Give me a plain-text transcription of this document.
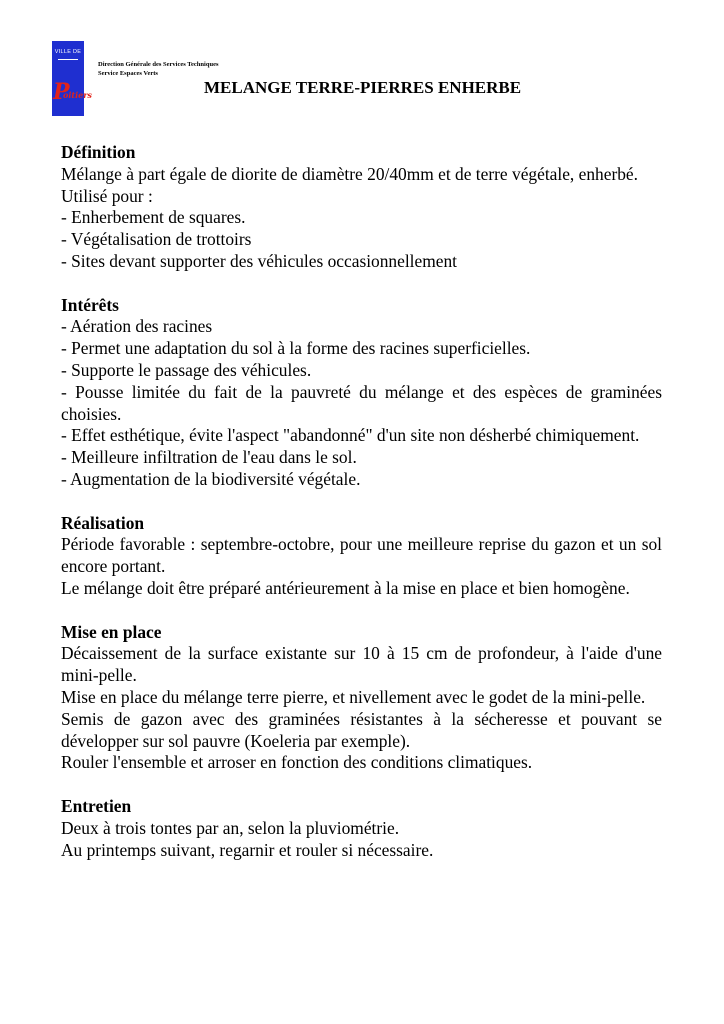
VILLE DE
P
oitiers
Direction Générale des Services Techniques
Service Espaces Verts
MELANGE TERRE-PIERRES ENHERBE
Définition

Mélange à part égale de diorite de diamètre 20/40mm et de terre végétale, enherbé.

Utilisé pour :

- Enherbement de squares.

- Végétalisation de trottoirs

- Sites devant supporter des véhicules occasionnellement

Intérêts

- Aération des racines

- Permet une adaptation du sol à la forme des racines superficielles.

- Supporte le passage des véhicules.

- Pousse limitée du fait de la pauvreté du mélange et des espèces de graminées choisies.

- Effet esthétique, évite l'aspect "abandonné" d'un site non désherbé chimiquement.

- Meilleure infiltration de l'eau dans le sol.

- Augmentation de la biodiversité végétale.

Réalisation

Période favorable : septembre-octobre, pour une meilleure reprise du gazon et un sol encore portant.

Le mélange doit être préparé antérieurement à la mise en place et bien homogène.

Mise en place

Décaissement de la surface existante sur 10 à 15 cm de profondeur, à l'aide d'une mini-pelle.

Mise en place du mélange terre pierre, et nivellement avec le godet de la mini-pelle.

Semis de gazon avec des graminées résistantes à la sécheresse et pouvant se développer sur sol pauvre (Koeleria par exemple).

Rouler l'ensemble et arroser en fonction des conditions climatiques.

Entretien

Deux à trois tontes par an, selon la pluviométrie.

Au printemps suivant, regarnir et rouler si nécessaire.
